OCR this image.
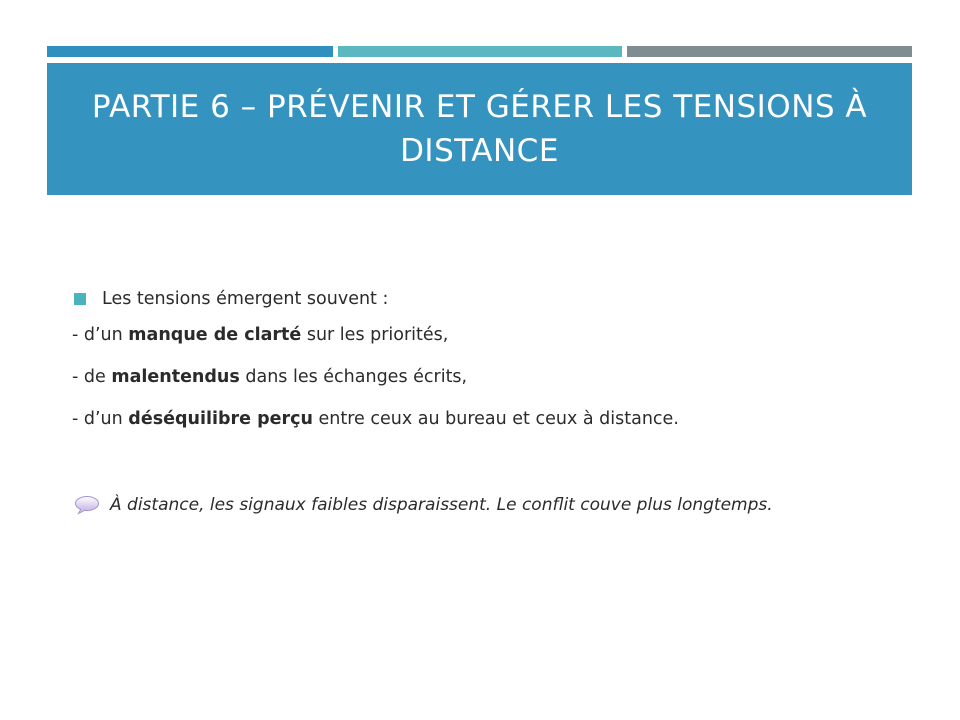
PARTIE 6 – PRÉVENIR ET GÉRER LES TENSIONS À DISTANCE
Les tensions émergent souvent :
- d’un manque de clarté sur les priorités,
- de malentendus dans les échanges écrits,
- d’un déséquilibre perçu entre ceux au bureau et ceux à distance.
À distance, les signaux faibles disparaissent. Le conflit couve plus longtemps.
